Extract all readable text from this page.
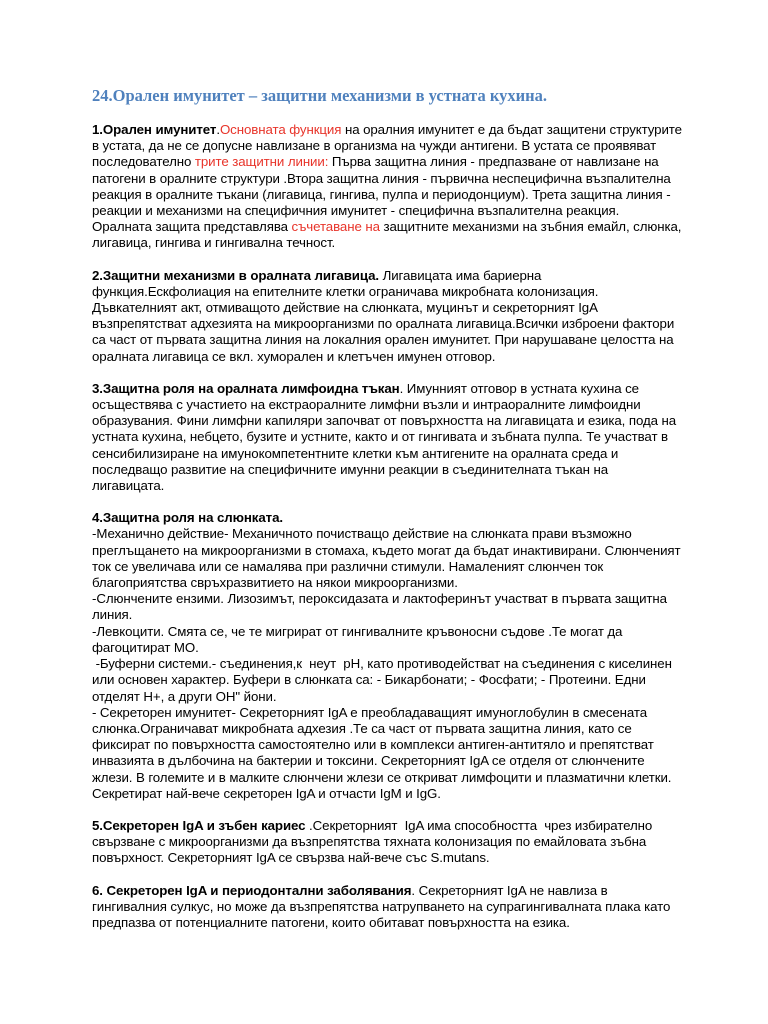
24.Орален имунитет – защитни механизми в устната кухина.

1.Орален имунитет.Основната функция на оралния имунитет е да бъдат защитени структурите в устата, да не се допусне навлизане в организма на чужди антигени. В устата се проявяват последователно трите защитни линии: Първа защитна линия - предпазване от навлизане на патогени в оралните структури .Втора защитна линия - първична неспецифична възпалителна реакция в оралните тъкани (лигавица, гингива, пулпа и периодонциум). Трета защитна линия - реакции и механизми на специфичния имунитет - специфична възпалителна реакция. Оралната защита представлява съчетаване на защитните механизми на зъбния емайл, слюнка, лигавица, гингива и гингивална течност.

2.Защитни механизми в оралната лигавица. Лигавицата има бариерна функция.Ескфолиация на епителните клетки ограничава микробната колонизация. Дъвкателният акт, отмиващото действие на слюнката, муцинът и секреторният IgA възпрепятстват адхезията на микроорганизми по оралната лигавица.Всички изброени фактори са част от първата защитна линия на локалния орален имунитет. При нарушаване целостта на оралната лигавица се вкл. хуморален и клетъчен имунен отговор.

3.Защитна роля на оралната лимфоидна тъкан. Имунният отговор в устната кухина се осъществява с участието на екстраоралните лимфни възли и интраоралните лимфоидни образувания. Фини лимфни капиляри започват от повърхността на лигавицата и езика, пода на устната кухина, небцето, бузите и устните, както и от гингивата и зъбната пулпа. Те участват в сенсибилизиране на имунокомпетентните клетки към антигените на оралната среда и последващо развитие на специфичните имунни реакции в съединителната тъкан на лигавицата.

4.Защитна роля на слюнката.

-Механично действие- Механичното почистващо действие на слюнката прави възможно преглъщането на микроорганизми в стомаха, където могат да бъдат инактивирани. Слюнченият ток се увеличава или се намалява при различни стимули. Намаленият слюнчен ток благоприятства свръхразвитието на някои микроорганизми.

-Слюнчените ензими. Лизозимът, пероксидазата и лактоферинът участват в първата защитна линия.

-Левкоцити. Смята се, че те мигрират от гингивалните кръвоносни съдове .Те могат да фагоцитират МО.

-Буферни системи.- съединения,к  неут  pH, като противодействат на съединения с киселинен или основен характер. Буфери в слюнката са: - Бикарбонати; - Фосфати; - Протеини. Едни отделят H+, а други OH" йони.

- Секреторен имунитет- Секреторният IgA е преобладаващият имуноглобулин в смесената слюнка.Ограничават микробната адхезия .Те са част от първата защитна линия, като се фиксират по повърхността самостоятелно или в комплекси антиген-антитяло и препятстват инвазията в дълбочина на бактерии и токсини. Секреторният IgA се отделя от слюнчените жлези. В големите и в малките слюнчени жлези се откриват лимфоцити и плазматични клетки. Секретират най-вече секреторен IgA и отчасти IgM и IgG.

5.Секреторен IgA и зъбен кариес .Секреторният  IgA има способността  чрез избирателно свързване с микроорганизми да възпрепятства тяхната колонизация по емайловата зъбна повърхност. Секреторният IgA се свързва най-вече със S.mutans.

6. Секреторен IgA и периодонтални заболявания. Секреторният IgA не навлиза в гингивалния сулкус, но може да възпрепятства натрупването на супрагингивалната плака като  предпазва от потенциалните патогени, които обитават повърхността на езика.
